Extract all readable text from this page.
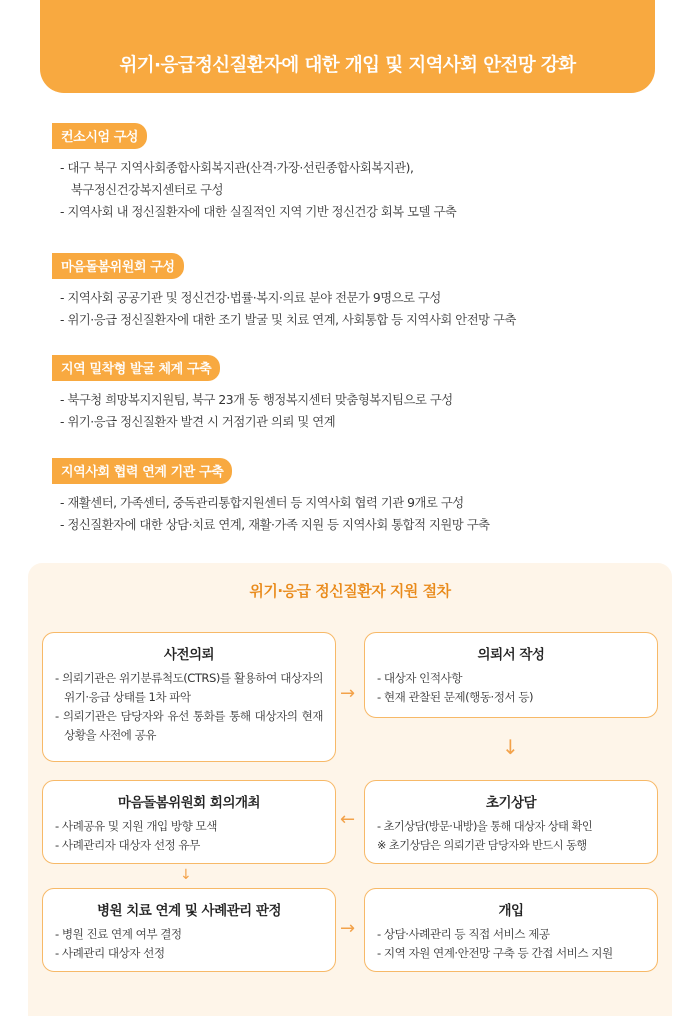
위기·응급정신질환자에 대한 개입 및 지역사회 안전망 강화
컨소시엄 구성
- 대구 북구 지역사회종합사회복지관(산격·가장·선린종합사회복지관),
북구정신건강복지센터로 구성
- 지역사회 내 정신질환자에 대한 실질적인 지역 기반 정신건강 회복 모델 구축
마음돌봄위원회 구성
- 지역사회 공공기관 및 정신건강·법률·복지·의료 분야 전문가 9명으로 구성
- 위기·응급 정신질환자에 대한 조기 발굴 및 치료 연계, 사회통합 등 지역사회 안전망 구축
지역 밀착형 발굴 체계 구축
- 북구청 희망복지지원팀, 북구 23개 동 행정복지센터 맞춤형복지팀으로 구성
- 위기·응급 정신질환자 발견 시 거점기관 의뢰 및 연계
지역사회 협력 연계 기관 구축
- 재활센터, 가족센터, 중독관리통합지원센터 등 지역사회 협력 기관 9개로 구성
- 정신질환자에 대한 상담·치료 연계, 재활·가족 지원 등 지역사회 통합적 지원망 구축
위기·응급 정신질환자 지원 절차
사전의뢰
- 의뢰기관은 위기분류척도(CTRS)를 활용하여 대상자의 위기·응급 상태를 1차 파악
- 의뢰기관은 담당자와 유선 통화를 통해 대상자의 현재 상황을 사전에 공유
의뢰서 작성
- 대상자 인적사항
- 현재 관찰된 문제(행동·정서 등)
마음돌봄위원회 회의개최
- 사례공유 및 지원 개입 방향 모색
- 사례관리자 대상자 선정 유무
초기상담
- 초기상담(방문·내방)을 통해 대상자 상태 확인
※ 초기상담은 의뢰기관 담당자와 반드시 동행
병원 치료 연계 및 사례관리 판정
- 병원 진료 연계 여부 결정
- 사례관리 대상자 선정
개입
- 상담·사례관리 등 직접 서비스 제공
- 지역 자원 연계·안전망 구축 등 간접 서비스 지원
→
↓
←
↓
→
